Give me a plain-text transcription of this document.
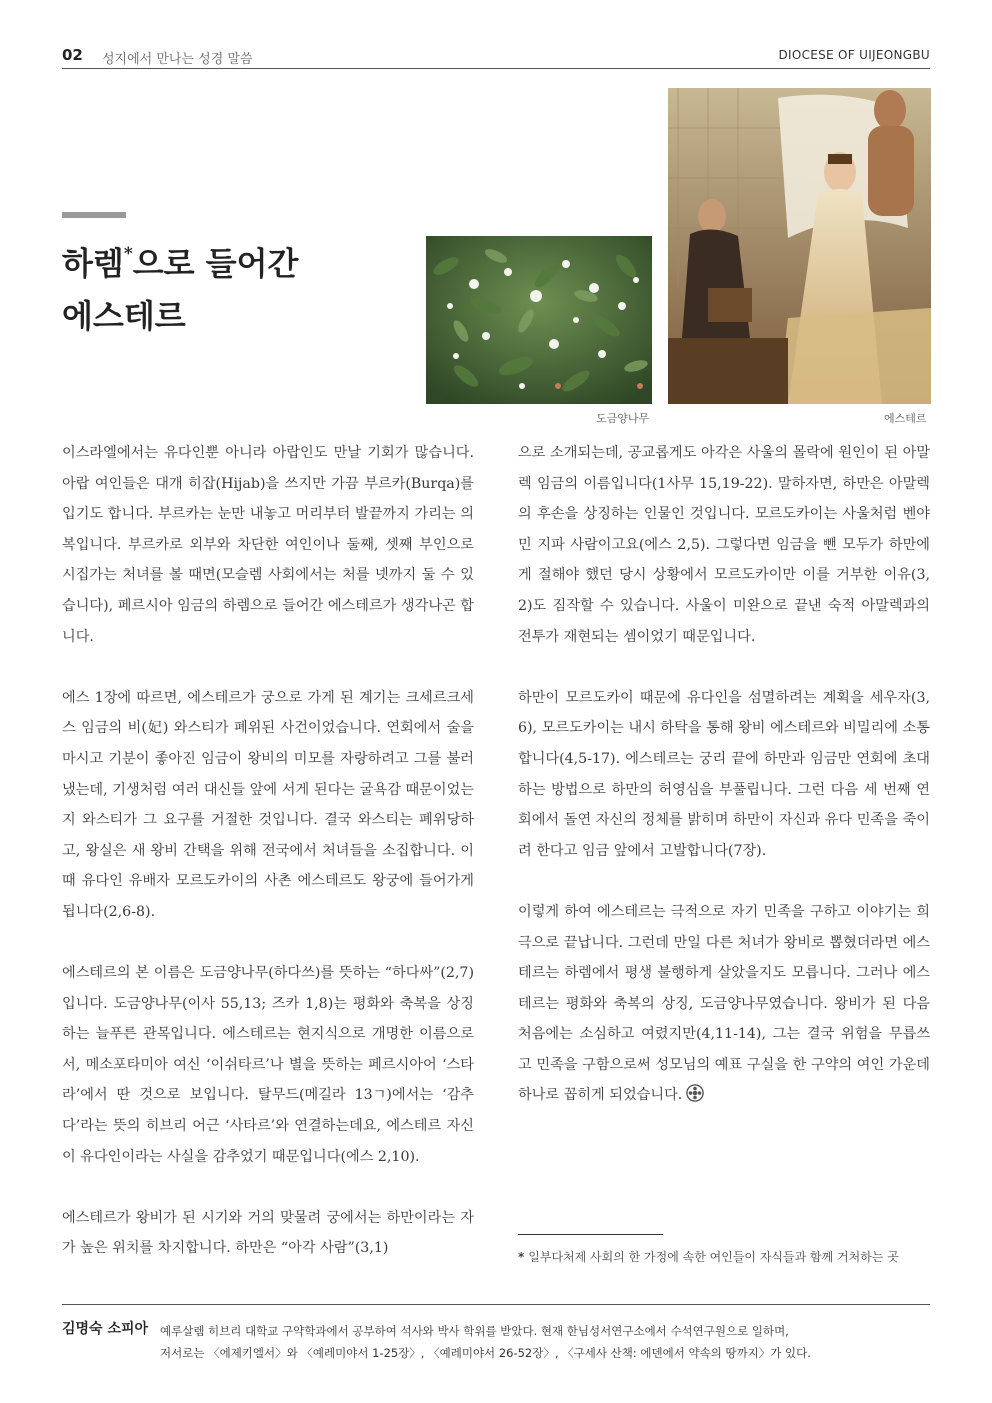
02 성지에서 만나는 성경 말씀	DIOCESE OF UIJEONGBU
하렘*으로 들어간
에스테르
도금양나무	에스테르

이스라엘에서는 유다인뿐 아니라 아랍인도 만날 기회가 많습니다. 아랍 여인들은 대개 히잡(Hijab)을 쓰지만 가끔 부르카(Burqa)를 입기도 합니다. 부르카는 눈만 내놓고 머리부터 발끝까지 가리는 의복입니다. 부르카로 외부와 차단한 여인이나 둘째, 셋째 부인으로 시집가는 처녀를 볼 때면(모슬렘 사회에서는 처를 넷까지 둘 수 있습니다), 페르시아 임금의 하렘으로 들어간 에스테르가 생각나곤 합니다.

에스 1장에 따르면, 에스테르가 궁으로 가게 된 계기는 크세르크세스 임금의 비(妃) 와스티가 폐위된 사건이었습니다. 연회에서 술을 마시고 기분이 좋아진 임금이 왕비의 미모를 자랑하려고 그를 불러냈는데, 기생처럼 여러 대신들 앞에 서게 된다는 굴욕감 때문이었는지 와스티가 그 요구를 거절한 것입니다. 결국 와스티는 폐위당하고, 왕실은 새 왕비 간택을 위해 전국에서 처녀들을 소집합니다. 이때 유다인 유배자 모르도카이의 사촌 에스테르도 왕궁에 들어가게 됩니다(2,6-8).

에스테르의 본 이름은 도금양나무(하다쓰)를 뜻하는 “하다싸”(2,7)입니다. 도금양나무(이사 55,13; 즈카 1,8)는 평화와 축복을 상징하는 늘푸른 관목입니다. 에스테르는 현지식으로 개명한 이름으로서, 메소포타미아 여신 ‘이쉬타르’나 별을 뜻하는 페르시아어 ‘스타라’에서 딴 것으로 보입니다. 탈무드(메길라 13ㄱ)에서는 ‘감추다’라는 뜻의 히브리 어근 ‘사타르’와 연결하는데요, 에스테르 자신이 유다인이라는 사실을 감추었기 때문입니다(에스 2,10).

에스테르가 왕비가 된 시기와 거의 맞물려 궁에서는 하만이라는 자가 높은 위치를 차지합니다. 하만은 “아각 사람”(3,1)

으로 소개되는데, 공교롭게도 아각은 사울의 몰락에 원인이 된 아말렉 임금의 이름입니다(1사무 15,19-22). 말하자면, 하만은 아말렉의 후손을 상징하는 인물인 것입니다. 모르도카이는 사울처럼 벤야민 지파 사람이고요(에스 2,5). 그렇다면 임금을 뺀 모두가 하만에게 절해야 했던 당시 상황에서 모르도카이만 이를 거부한 이유(3,2)도 짐작할 수 있습니다. 사울이 미완으로 끝낸 숙적 아말렉과의 전투가 재현되는 셈이었기 때문입니다.

하만이 모르도카이 때문에 유다인을 섬멸하려는 계획을 세우자(3,6), 모르도카이는 내시 하탁을 통해 왕비 에스테르와 비밀리에 소통합니다(4,5-17). 에스테르는 궁리 끝에 하만과 임금만 연회에 초대하는 방법으로 하만의 허영심을 부풀립니다. 그런 다음 세 번째 연회에서 돌연 자신의 정체를 밝히며 하만이 자신과 유다 민족을 죽이려 한다고 임금 앞에서 고발합니다(7장).

이렇게 하여 에스테르는 극적으로 자기 민족을 구하고 이야기는 희극으로 끝납니다. 그런데 만일 다른 처녀가 왕비로 뽑혔더라면 에스테르는 하렘에서 평생 불행하게 살았을지도 모릅니다. 그러나 에스테르는 평화와 축복의 상징, 도금양나무였습니다. 왕비가 된 다음 처음에는 소심하고 여렸지만(4,11-14), 그는 결국 위험을 무릅쓰고 민족을 구함으로써 성모님의 예표 구실을 한 구약의 여인 가운데 하나로 꼽히게 되었습니다.

* 일부다처제 사회의 한 가정에 속한 여인들이 자식들과 함께 거처하는 곳
김명숙 소피아 예루살렘 히브리 대학교 구약학과에서 공부하여 석사와 박사 학위를 받았다. 현재 한님성서연구소에서 수석연구원으로 일하며,
저서로는 〈에제키엘서〉와 〈예레미야서 1-25장〉, 〈예레미야서 26-52장〉, 〈구세사 산책: 에덴에서 약속의 땅까지〉가 있다.
